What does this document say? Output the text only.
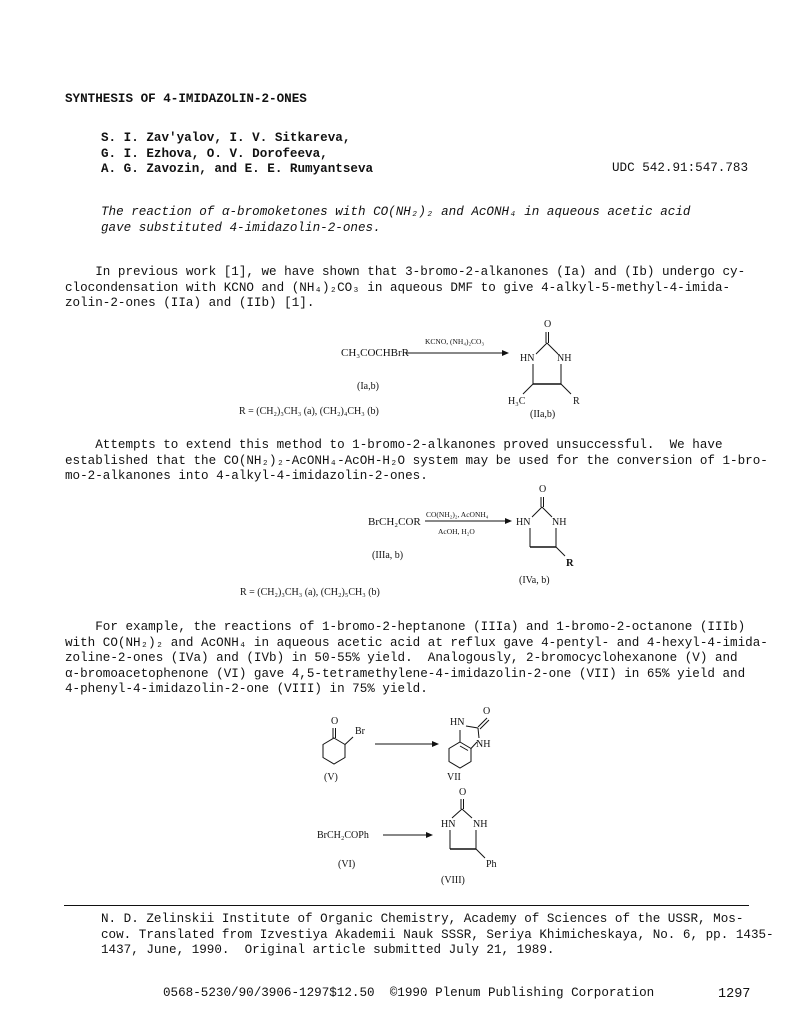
SYNTHESIS OF 4-IMIDAZOLIN-2-ONES
S. I. Zav'yalov, I. V. Sitkareva,
G. I. Ezhova, O. V. Dorofeeva,
A. G. Zavozin, and E. E. Rumyantseva	UDC 542.91:547.783
The reaction of α-bromoketones with CO(NH₂)₂ and AcONH₄ in aqueous acetic acid
gave substituted 4-imidazolin-2-ones.
In previous work [1], we have shown that 3-bromo-2-alkanones (Ia) and (Ib) undergo cy-
clocondensation with KCNO and (NH₄)₂CO₃ in aqueous DMF to give 4-alkyl-5-methyl-4-imida-
zolin-2-ones (IIa) and (IIb) [1].
Attempts to extend this method to 1-bromo-2-alkanones proved unsuccessful.  We have
established that the CO(NH₂)₂-AcONH₄-AcOH-H₂O system may be used for the conversion of 1-bro-
mo-2-alkanones into 4-alkyl-4-imidazolin-2-ones.
For example, the reactions of 1-bromo-2-heptanone (IIIa) and 1-bromo-2-octanone (IIIb)
with CO(NH₂)₂ and AcONH₄ in aqueous acetic acid at reflux gave 4-pentyl- and 4-hexyl-4-imida-
zoline-2-ones (IVa) and (IVb) in 50-55% yield.  Analogously, 2-bromocyclohexanone (V) and
α-bromoacetophenone (VI) gave 4,5-tetramethylene-4-imidazolin-2-one (VII) in 65% yield and
4-phenyl-4-imidazolin-2-one (VIII) in 75% yield.
CH₃COCHBrR
KCNO, (NH₄)₂CO₃
O
HN NH
H₃C	R
(Ia,b)
(IIa,b)
R = (CH₂)₃CH₃ (a), (CH₂)₄CH₃ (b)
BrCH₂COR
CO(NH₂)₂, AcONH₄
AcOH, H₂O
O
HN NH
R
(IIIa, b)
(IVa, b)
R = (CH₂)₃CH₃ (a), (CH₂)₅CH₃ (b)
O
Br
(V)
O
HN
NH
VII
O
HN NH
Ph
BrCH₂COPh
(VI)
(VIII)
N. D. Zelinskii Institute of Organic Chemistry, Academy of Sciences of the USSR, Mos-
cow. Translated from Izvestiya Akademii Nauk SSSR, Seriya Khimicheskaya, No. 6, pp. 1435-
1437, June, 1990.  Original article submitted July 21, 1989.
0568-5230/90/3906-1297$12.50  ©1990 Plenum Publishing Corporation	1297
